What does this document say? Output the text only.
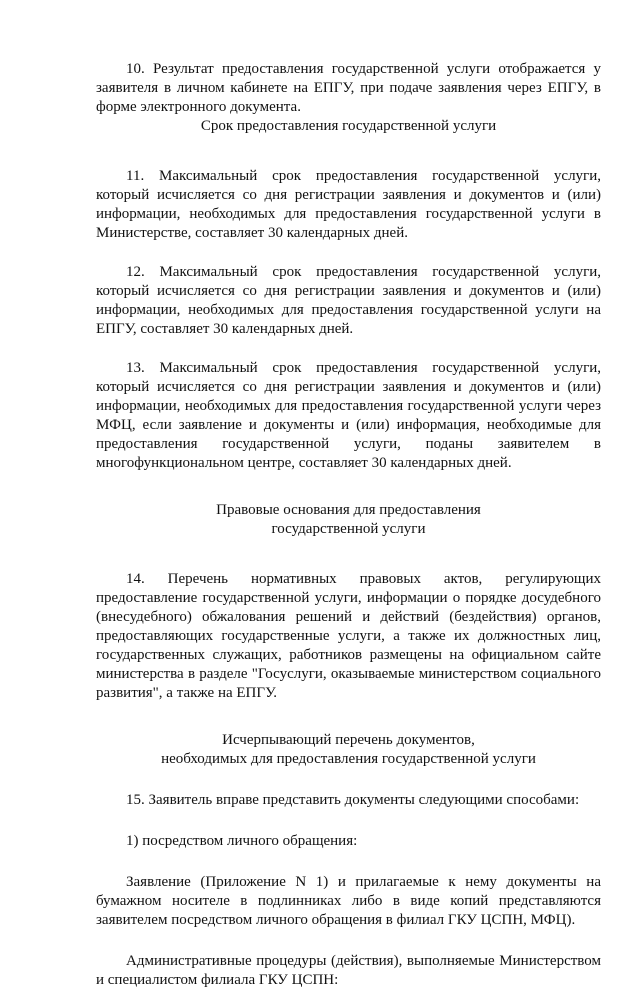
10. Результат предоставления государственной услуги отображается у заявителя в личном кабинете на ЕПГУ, при подаче заявления через ЕПГУ, в форме электронного документа.

Срок предоставления государственной услуги

11. Максимальный срок предоставления государственной услуги, который исчисляется со дня регистрации заявления и документов и (или) информации, необходимых для предоставления государственной услуги в Министерстве, составляет 30 календарных дней.

12. Максимальный срок предоставления государственной услуги, который исчисляется со дня регистрации заявления и документов и (или) информации, необходимых для предоставления государственной услуги на ЕПГУ, составляет 30 календарных дней.

13. Максимальный срок предоставления государственной услуги, который исчисляется со дня регистрации заявления и документов и (или) информации, необходимых для предоставления государственной услуги через МФЦ, если заявление и документы и (или) информация, необходимые для предоставления государственной услуги, поданы заявителем в многофункциональном центре, составляет 30 календарных дней.

Правовые основания для предоставления
государственной услуги

14. Перечень нормативных правовых актов, регулирующих предоставление государственной услуги, информации о порядке досудебного (внесудебного) обжалования решений и действий (бездействия) органов, предоставляющих государственные услуги, а также их должностных лиц, государственных служащих, работников размещены на официальном сайте министерства в разделе "Госуслуги, оказываемые министерством социального развития", а также на ЕПГУ.

Исчерпывающий перечень документов,
необходимых для предоставления государственной услуги

15. Заявитель вправе представить документы следующими способами:

1) посредством личного обращения:

Заявление (Приложение N 1) и прилагаемые к нему документы на бумажном носителе в подлинниках либо в виде копий представляются заявителем посредством личного обращения в филиал ГКУ ЦСПН, МФЦ).

Административные процедуры (действия), выполняемые Министерством и специалистом филиала ГКУ ЦСПН:
